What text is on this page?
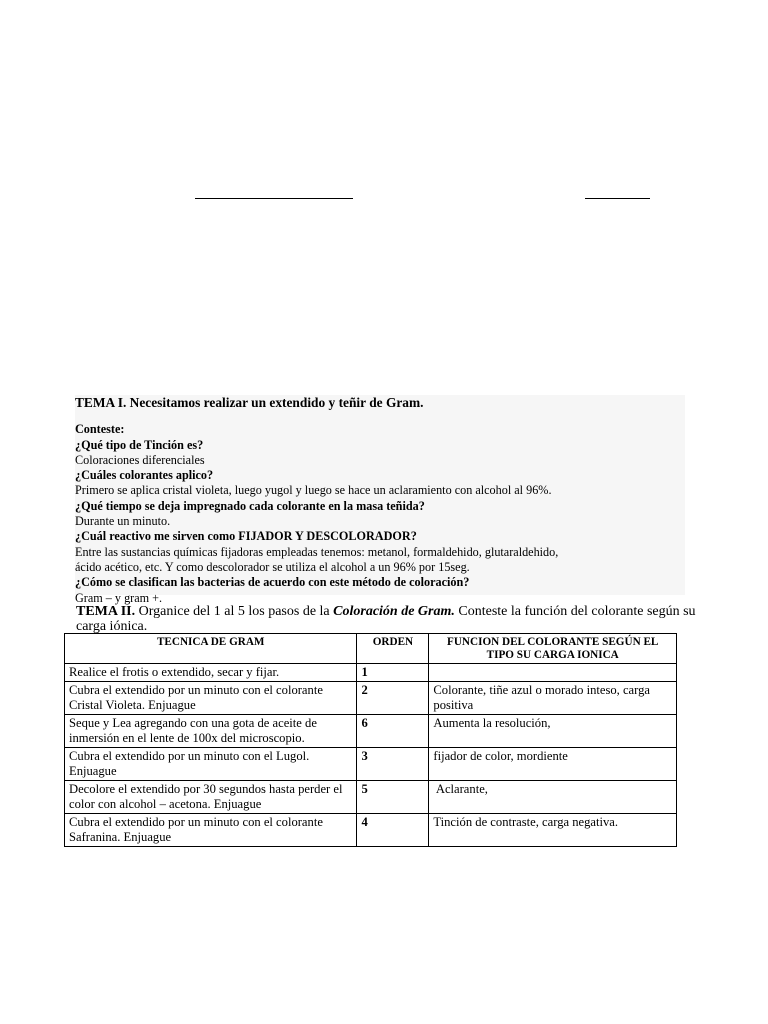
TEMA I. Necesitamos realizar un extendido y teñir de Gram.
Conteste:
¿Qué tipo de Tinción es?
Coloraciones diferenciales
¿Cuáles colorantes aplico?
Primero se aplica cristal violeta, luego yugol y luego se hace un aclaramiento con alcohol al 96%.
¿Qué tiempo se deja impregnado cada colorante en la masa teñida?
Durante un minuto.
¿Cuál reactivo me sirven como FIJADOR Y DESCOLORADOR?
Entre las sustancias químicas fijadoras empleadas tenemos: metanol, formaldehido, glutaraldehido,
ácido acético, etc. Y como descolorador se utiliza el alcohol a un 96% por 15seg.
¿Cómo se clasifican las bacterias de acuerdo con este método de coloración?
Gram – y gram +.
TEMA II. Organice del 1 al 5 los pasos de la Coloración de Gram. Conteste la función del colorante según su carga iónica.
TECNICA DE GRAM	ORDEN	FUNCION DEL COLORANTE SEGÚN EL TIPO SU CARGA IONICA
Realice el frotis o extendido, secar y fijar.	1	
Cubra el extendido por un minuto con el colorante Cristal Violeta. Enjuague	2	Colorante, tiñe azul o morado inteso, carga positiva
Seque y Lea agregando con una gota de aceite de inmersión en el lente de 100x del microscopio.	6	Aumenta la resolución,
Cubra el extendido por un minuto con el Lugol. Enjuague	3	fijador de color, mordiente
Decolore el extendido por 30 segundos hasta perder el color con alcohol – acetona. Enjuague	5	Aclarante,
Cubra el extendido por un minuto con el colorante Safranina. Enjuague	4	Tinción de contraste, carga negativa.
